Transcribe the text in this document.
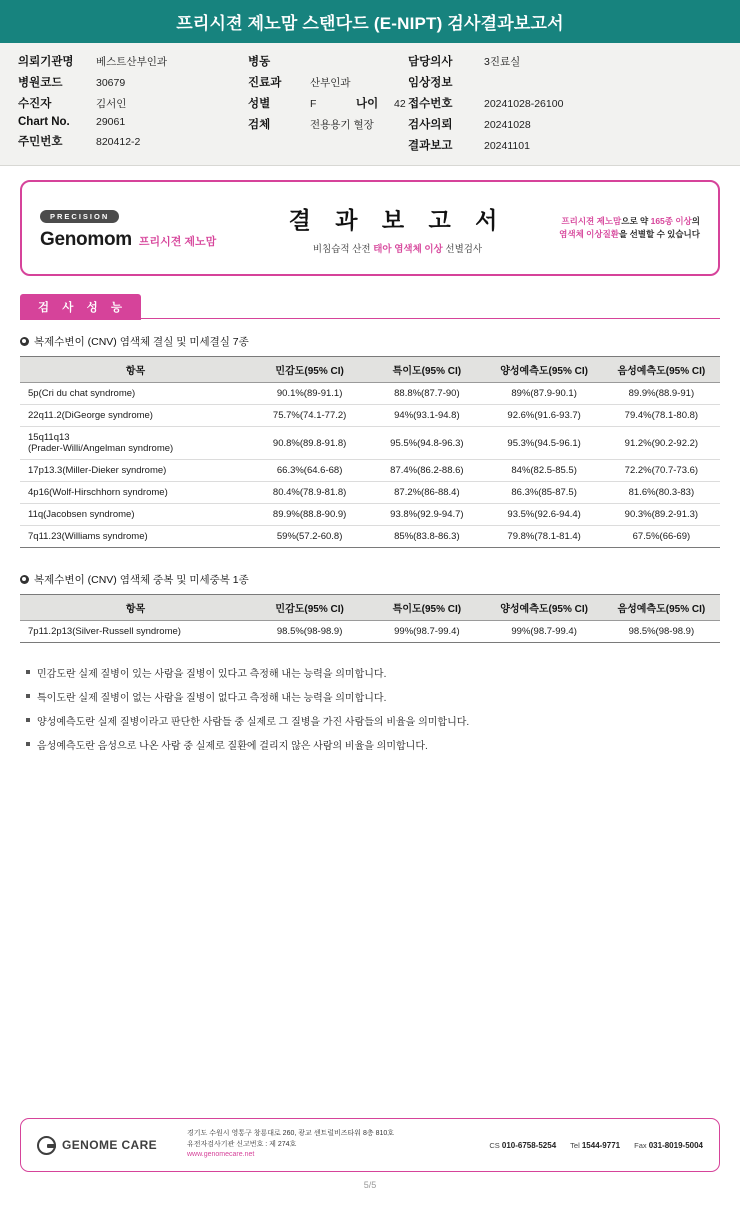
프리시젼 제노맘 스탠다드 (E-NIPT) 검사결과보고서
의뢰기관명	베스트산부인과
병원코드	30679
수진자	김서인
Chart No.	29061
주민번호	820412-2
병동
진료과	산부인과
성별	F	나이	42
검체	전용용기 혈장
담당의사	3진료실
임상정보
접수번호	20241028-26100
검사의뢰	20241028
결과보고	20241101
PRECISION
Genomom 프리시젼 제노맘
결 과 보 고 서
비침습적 산전 태아 염색체 이상 선별검사
프리시젼 제노맘으로 약 165종 이상의
염색체 이상질환을 선별할 수 있습니다
검 사 성 능
복제수변이 (CNV) 염색체 결실 및 미세결실 7종
항목	민감도(95% CI)	특이도(95% CI)	양성예측도(95% CI)	음성예측도(95% CI)
5p(Cri du chat syndrome)	90.1%(89-91.1)	88.8%(87.7-90)	89%(87.9-90.1)	89.9%(88.9-91)
22q11.2(DiGeorge syndrome)	75.7%(74.1-77.2)	94%(93.1-94.8)	92.6%(91.6-93.7)	79.4%(78.1-80.8)
15q11q13
(Prader-Willi/Angelman syndrome)	90.8%(89.8-91.8)	95.5%(94.8-96.3)	95.3%(94.5-96.1)	91.2%(90.2-92.2)
17p13.3(Miller-Dieker syndrome)	66.3%(64.6-68)	87.4%(86.2-88.6)	84%(82.5-85.5)	72.2%(70.7-73.6)
4p16(Wolf-Hirschhorn syndrome)	80.4%(78.9-81.8)	87.2%(86-88.4)	86.3%(85-87.5)	81.6%(80.3-83)
11q(Jacobsen syndrome)	89.9%(88.8-90.9)	93.8%(92.9-94.7)	93.5%(92.6-94.4)	90.3%(89.2-91.3)
7q11.23(Williams syndrome)	59%(57.2-60.8)	85%(83.8-86.3)	79.8%(78.1-81.4)	67.5%(66-69)
복제수변이 (CNV) 염색체 중복 및 미세중복 1종
항목	민감도(95% CI)	특이도(95% CI)	양성예측도(95% CI)	음성예측도(95% CI)
7p11.2p13(Silver-Russell syndrome)	98.5%(98-98.9)	99%(98.7-99.4)	99%(98.7-99.4)	98.5%(98-98.9)
민감도란 실제 질병이 있는 사람을 질병이 있다고 측정해 내는 능력을 의미합니다.
특이도란 실제 질병이 없는 사람을 질병이 없다고 측정해 내는 능력을 의미합니다.
양성예측도란 실제 질병이라고 판단한 사람들 중 실제로 그 질병을 가진 사람들의 비율을 의미합니다.
음성예측도란 음성으로 나온 사람 중 실제로 질환에 걸리지 않은 사람의 비율을 의미합니다.
GENOME CARE
경기도 수원시 영통구 창룡대로 260, 광교 센트럴비즈타워 8층 810호
유전자검사기관 신고번호 : 제 274호
www.genomecare.net
CS 010-6758-5254 Tel 1544-9771 Fax 031-8019-5004
5/5
